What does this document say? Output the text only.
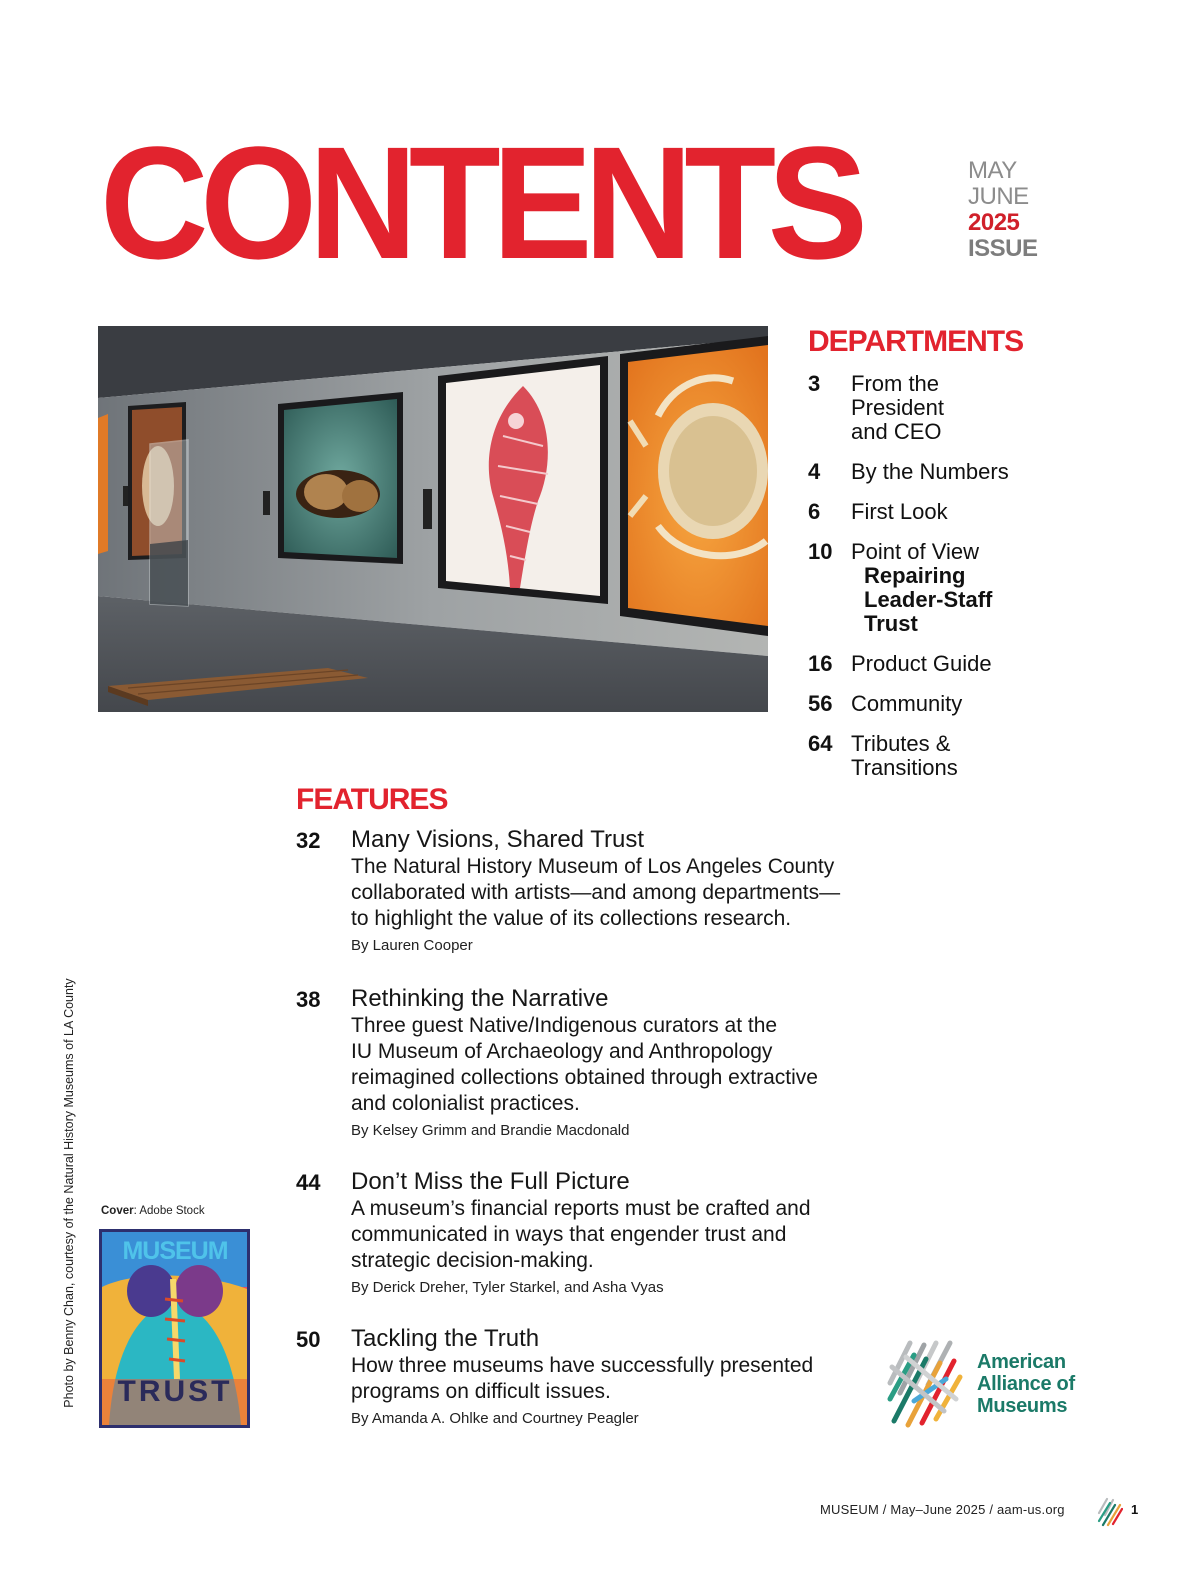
CONTENTS	MAY
JUNE
2025
ISSUE
DEPARTMENTS
3 From the
President
and CEO
4 By the Numbers
6 First Look
10 Point of View
Repairing
Leader-Staff
Trust
16 Product Guide
56 Community
64 Tributes &
Transitions
FEATURES
32 Many Visions, Shared Trust
The Natural History Museum of Los Angeles County
collaborated with artists—and among departments—
to highlight the value of its collections research.
By Lauren Cooper
38 Rethinking the Narrative
Three guest Native/Indigenous curators at the
IU Museum of Archaeology and Anthropology
reimagined collections obtained through extractive
and colonialist practices.
By Kelsey Grimm and Brandie Macdonald
44 Don’t Miss the Full Picture
A museum’s financial reports must be crafted and
communicated in ways that engender trust and
strategic decision-making.
By Derick Dreher, Tyler Starkel, and Asha Vyas
50 Tackling the Truth
How three museums have successfully presented
programs on difficult issues.
By Amanda A. Ohlke and Courtney Peagler
Photo by Benny Chan, courtesy of the Natural History Museums of LA County Cover: Adobe Stock
MUSEUM
TRUST
American
Alliance of
Museums
MUSEUM / May–June 2025 / aam-us.org	1
